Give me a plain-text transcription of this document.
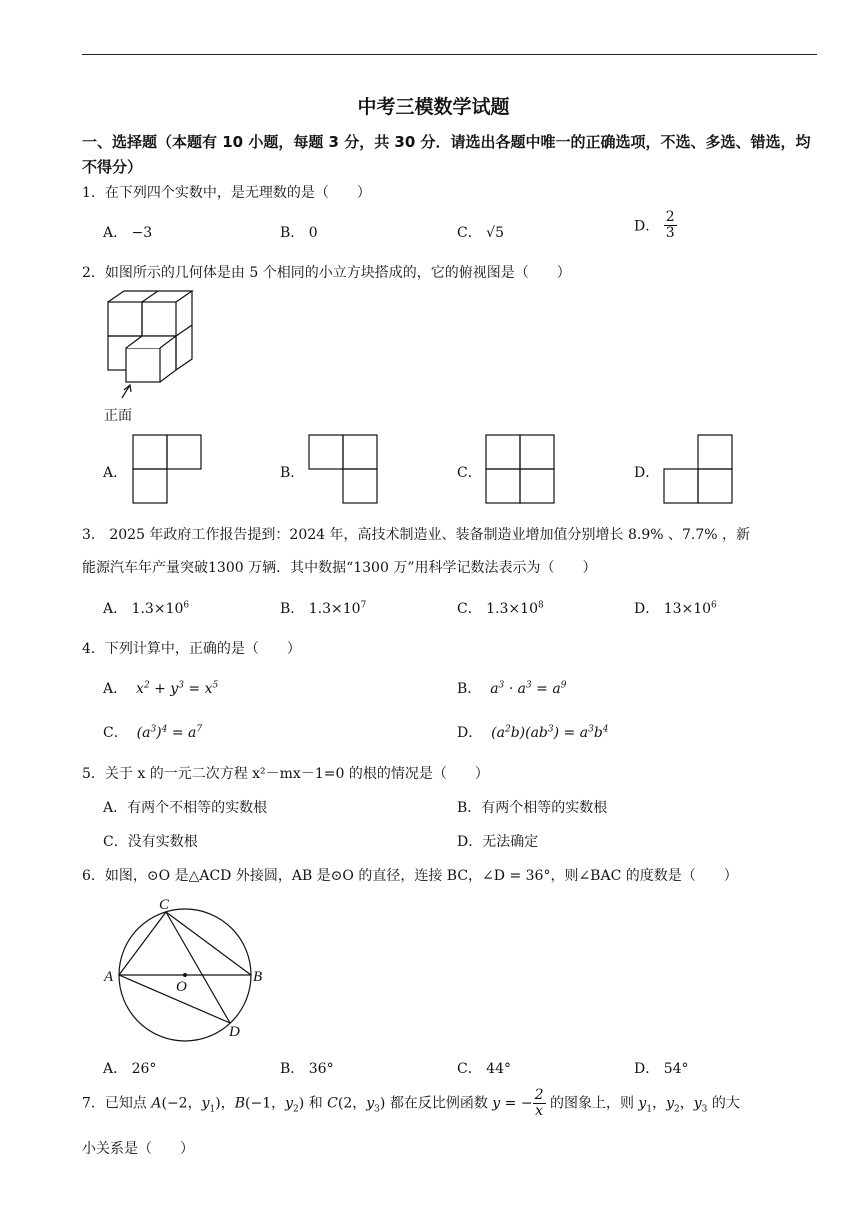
中考三模数学试题
一、选择题（本题有 10 小题，每题 3 分，共 30 分．请选出各题中唯一的正确选项，不选、多选、错选，均不得分）
1．在下列四个实数中，是无理数的是（　　）
A． −3	B． 0	C． √5	D． $\frac{2}{3}$
2．如图所示的几何体是由 5 个相同的小立方块搭成的，它的俯视图是（　　）
正面
A．	B．	C．	D．
3． 2025 年政府工作报告提到：2024 年，高技术制造业、装备制造业增加值分别增长 8.9% 、7.7% ，新
能源汽车年产量突破1300 万辆．其中数据“1300 万”用科学记数法表示为（　　）
A． $1.3\times 10^6$	B． $1.3\times 10^7$	C． $1.3\times 10^8$	D． $13\times 10^6$
4．下列计算中，正确的是（　　）
A．  $x^2 + y^3 = x^5$	B．  $a^3 \cdot a^3 = a^9$
C．  $(a^3)^4 = a^7$	D．  $(a^2b)(ab^3) = a^3b^4$
5．关于 x 的一元二次方程 x²－mx－1=0 的根的情况是（　　）
A．有两个不相等的实数根	B．有两个相等的实数根
C．没有实数根	D．无法确定
6．如图，⊙O 是△ACD 外接圆，AB 是⊙O 的直径，连接 BC，∠D = 36°，则∠BAC 的度数是（　　）
C
A
O
B
D
A． 26°	B． 36°	C． 44°	D． 54°
7．已知点 A(−2，$y_1$)，B(−1，$y_2$) 和 C(2，$y_3$) 都在反比例函数 y = − $\frac{2}{x}$ 的图象上，则 $y_1$，$y_2$，$y_3$ 的大
小关系是（　　）
